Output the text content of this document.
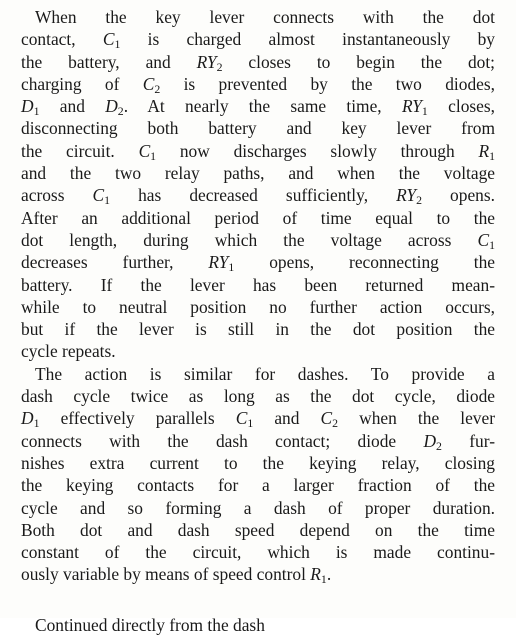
When the key lever connects with the dot
contact, $C_1$ is charged almost instantaneously by
the battery, and $RY_2$ closes to begin the dot;
charging of $C_2$ is prevented by the two diodes,
$D_1$ and $D_2$. At nearly the same time, $RY_1$ closes,
disconnecting both battery and key lever from
the circuit. $C_1$ now discharges slowly through $R_1$
and the two relay paths, and when the voltage
across $C_1$ has decreased sufficiently, $RY_2$ opens.
After an additional period of time equal to the
dot length, during which the voltage across $C_1$
decreases further, $RY_1$ opens, reconnecting the
battery. If the lever has been returned mean-
while to neutral position no further action occurs,
but if the lever is still in the dot position the
cycle repeats.
The action is similar for dashes. To provide a
dash cycle twice as long as the dot cycle, diode
$D_1$ effectively parallels $C_1$ and $C_2$ when the lever
connects with the dash contact; diode $D_2$ fur-
nishes extra current to the keying relay, closing
the keying contacts for a larger fraction of the
cycle and so forming a dash of proper duration.
Both dot and dash speed depend on the time
constant of the circuit, which is made continu-
ously variable by means of speed control $R_1$.
Continued directly from the dash
